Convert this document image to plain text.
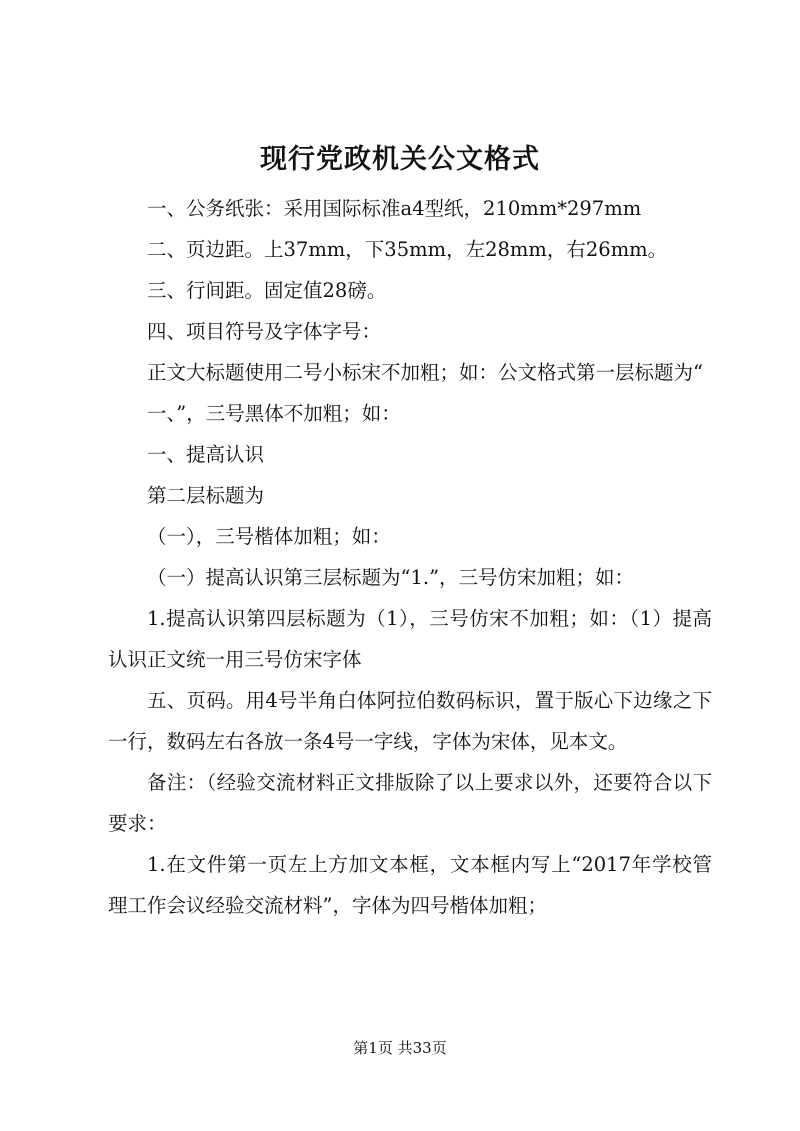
现行党政机关公文格式

一、公务纸张：采用国际标准a4型纸，210mm*297mm

二、页边距。上37mm，下35mm，左28mm，右26mm。

三、行间距。固定值28磅。

四、项目符号及字体字号：

正文大标题使用二号小标宋不加粗；如：公文格式第一层标题为“

一、”，三号黑体不加粗；如：

一、提高认识

第二层标题为

（一），三号楷体加粗；如：

（一）提高认识第三层标题为“1.”，三号仿宋加粗；如：

1.提高认识第四层标题为（1），三号仿宋不加粗；如：（1）提高认识正文统一用三号仿宋字体

五、页码。用4号半角白体阿拉伯数码标识，置于版心下边缘之下一行，数码左右各放一条4号一字线，字体为宋体，见本文。

备注：（经验交流材料正文排版除了以上要求以外，还要符合以下要求：

1.在文件第一页左上方加文本框，文本框内写上“2017年学校管理工作会议经验交流材料”，字体为四号楷体加粗；

第1页 共33页
